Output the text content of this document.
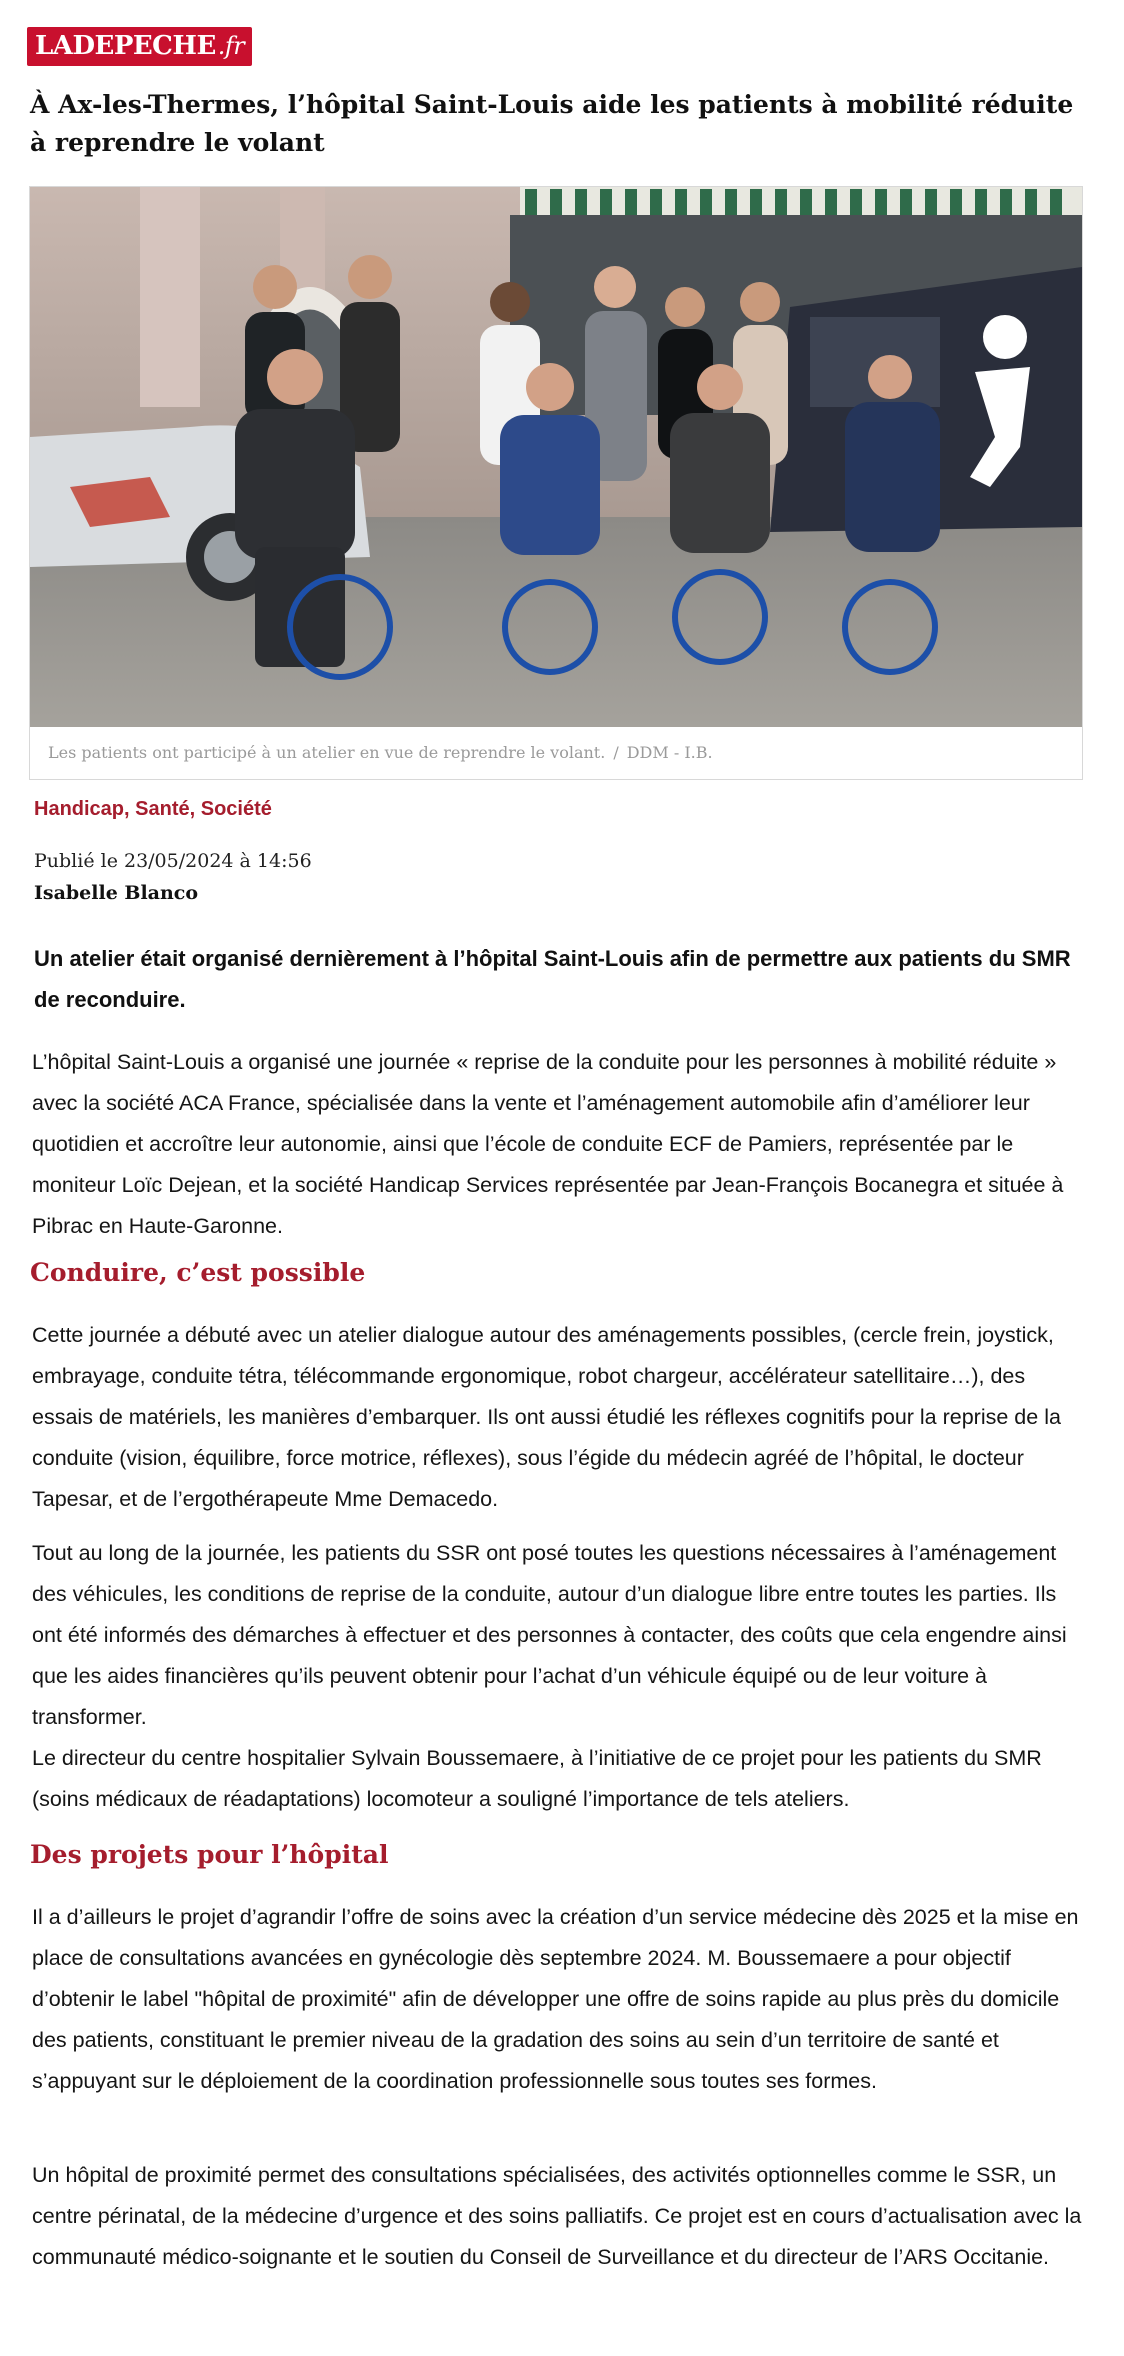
LADEPECHE .fr
À Ax-les-Thermes, l’hôpital Saint-Louis aide les patients à mobilité réduite à reprendre le volant
Les patients ont participé à un atelier en vue de reprendre le volant. / DDM - I.B.
Handicap, Santé, Société
Publié le 23/05/2024 à 14:56
Isabelle Blanco

Un atelier était organisé dernièrement à l’hôpital Saint-Louis afin de permettre aux patients du SMR de reconduire.

L’hôpital Saint-Louis a organisé une journée « reprise de la conduite pour les personnes à mobilité réduite » avec la société ACA France, spécialisée dans la vente et l’aménagement automobile afin d’améliorer leur quotidien et accroître leur autonomie, ainsi que l’école de conduite ECF de Pamiers, représentée par le moniteur Loïc Dejean, et la société Handicap Services représentée par Jean-François Bocanegra et située à Pibrac en Haute-Garonne.

Conduire, c’est possible

Cette journée a débuté avec un atelier dialogue autour des aménagements possibles, (cercle frein, joystick, embrayage, conduite tétra, télécommande ergonomique, robot chargeur, accélérateur satellitaire…), des essais de matériels, les manières d’embarquer. Ils ont aussi étudié les réflexes cognitifs pour la reprise de la conduite (vision, équilibre, force motrice, réflexes), sous l’égide du médecin agréé de l’hôpital, le docteur Tapesar, et de l’ergothérapeute Mme Demacedo.

Tout au long de la journée, les patients du SSR ont posé toutes les questions nécessaires à l’aménagement des véhicules, les conditions de reprise de la conduite, autour d’un dialogue libre entre toutes les parties. Ils ont été informés des démarches à effectuer et des personnes à contacter, des coûts que cela engendre ainsi que les aides financières qu’ils peuvent obtenir pour l’achat d’un véhicule équipé ou de leur voiture à transformer.

Le directeur du centre hospitalier Sylvain Boussemaere, à l’initiative de ce projet pour les patients du SMR (soins médicaux de réadaptations) locomoteur a souligné l’importance de tels ateliers.

Des projets pour l’hôpital

Il a d’ailleurs le projet d’agrandir l’offre de soins avec la création d’un service médecine dès 2025 et la mise en place de consultations avancées en gynécologie dès septembre 2024. M. Boussemaere a pour objectif d’obtenir le label "hôpital de proximité" afin de développer une offre de soins rapide au plus près du domicile des patients, constituant le premier niveau de la gradation des soins au sein d’un territoire de santé et s’appuyant sur le déploiement de la coordination professionnelle sous toutes ses formes.

Un hôpital de proximité permet des consultations spécialisées, des activités optionnelles comme le SSR, un centre périnatal, de la médecine d’urgence et des soins palliatifs. Ce projet est en cours d’actualisation avec la communauté médico-soignante et le soutien du Conseil de Surveillance et du directeur de l’ARS Occitanie.
